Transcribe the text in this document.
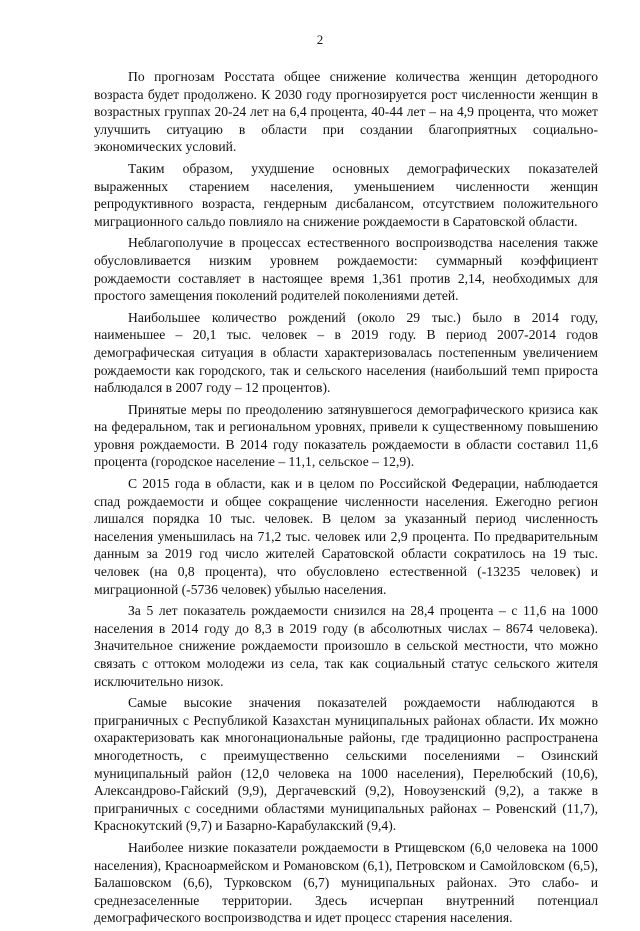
2

По прогнозам Росстата общее снижение количества женщин детородного возраста будет продолжено. К 2030 году прогнозируется рост численности женщин в возрастных группах 20-24 лет на 6,4 процента, 40-44 лет – на 4,9 процента, что может улучшить ситуацию в области при создании благоприятных социально-экономических условий.

Таким образом, ухудшение основных демографических показателей выраженных старением населения, уменьшением численности женщин репродуктивного возраста, гендерным дисбалансом, отсутствием положительного миграционного сальдо повлияло на снижение рождаемости в Саратовской области.

Неблагополучие в процессах естественного воспроизводства населения также обусловливается низким уровнем рождаемости: суммарный коэффициент рождаемости составляет в настоящее время 1,361 против 2,14, необходимых для простого замещения поколений родителей поколениями детей.

Наибольшее количество рождений (около 29 тыс.) было в 2014 году, наименьшее – 20,1 тыс. человек – в 2019 году. В период 2007-2014 годов демографическая ситуация в области характеризовалась постепенным увеличением рождаемости как городского, так и сельского населения (наибольший темп прироста наблюдался в 2007 году – 12 процентов).

Принятые меры по преодолению затянувшегося демографического кризиса как на федеральном, так и региональном уровнях, привели к существенному повышению уровня рождаемости. В 2014 году показатель рождаемости в области составил 11,6 процента (городское население – 11,1, сельское – 12,9).

С 2015 года в области, как и в целом по Российской Федерации, наблюдается спад рождаемости и общее сокращение численности населения. Ежегодно регион лишался порядка 10 тыс. человек. В целом за указанный период численность населения уменьшилась на 71,2 тыс. человек или 2,9 процента. По предварительным данным за 2019 год число жителей Саратовской области сократилось на 19 тыс. человек (на 0,8 процента), что обусловлено естественной (-13235 человек) и миграционной (-5736 человек) убылью населения.

За 5 лет показатель рождаемости снизился на 28,4 процента – с 11,6 на 1000 населения в 2014 году до 8,3 в 2019 году (в абсолютных числах – 8674 человека). Значительное снижение рождаемости произошло в сельской местности, что можно связать с оттоком молодежи из села, так как социальный статус сельского жителя исключительно низок.

Самые высокие значения показателей рождаемости наблюдаются в приграничных с Республикой Казахстан муниципальных районах области. Их можно охарактеризовать как многонациональные районы, где традиционно распространена многодетность, с преимущественно сельскими поселениями – Озинский муниципальный район (12,0 человека на 1000 населения), Перелюбский (10,6), Александрово-Гайский (9,9), Дергачевский (9,2), Новоузенский (9,2), а также в приграничных с соседними областями муниципальных районах – Ровенский (11,7), Краснокутский (9,7) и Базарно-Карабулакский (9,4).

Наиболее низкие показатели рождаемости в Ртищевском (6,0 человека на 1000 населения), Красноармейском и Романовском (6,1), Петровском и Самойловском (6,5), Балашовском (6,6), Турковском (6,7) муниципальных районах. Это слабо- и среднезаселенные территории. Здесь исчерпан внутренний потенциал демографического воспроизводства и идет процесс старения населения.
